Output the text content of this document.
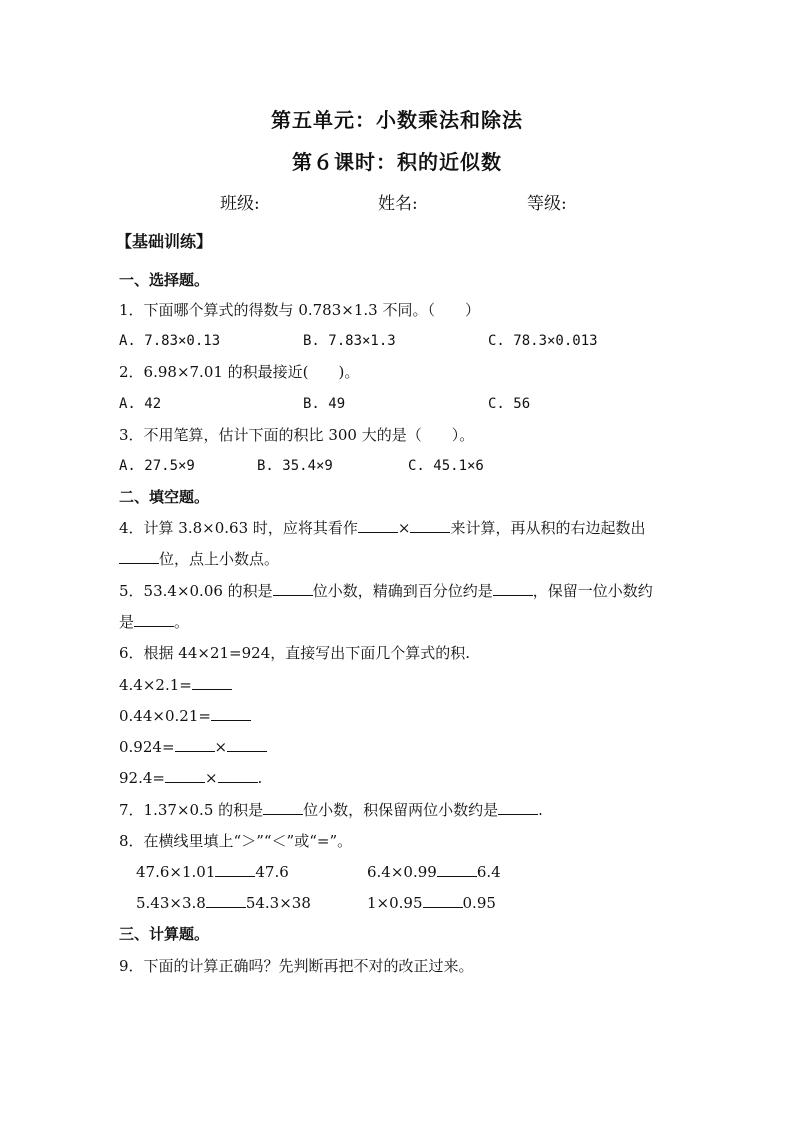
第五单元：小数乘法和除法
第６课时：积的近似数
班级:	姓名:	等级:
【基础训练】
一、选择题。
1．下面哪个算式的得数与 0.783×1.3 不同。（　　）
A. 7.83×0.13	B. 7.83×1.3	C. 78.3×0.013
2．6.98×7.01 的积最接近(　　)。
A. 42	B. 49	C. 56
3．不用笔算，估计下面的积比 300 大的是（　　）。
A. 27.5×9	B. 35.4×9	C. 45.1×6
二、填空题。
4．计算 3.8×0.63 时，应将其看作	×	来计算，再从积的右边起数出
位，点上小数点。
5．53.4×0.06 的积是	位小数，精确到百分位约是	，保留一位小数约
是	。
6．根据 44×21=924，直接写出下面几个算式的积.
4.4×2.1=
0.44×0.21=
0.924=	×
92.4=	×	.
7．1.37×0.5 的积是	位小数，积保留两位小数约是	.
8．在横线里填上“＞”“＜”或“=”。
47.6×1.01	47.6	6.4×0.99	6.4
5.43×3.8	54.3×38	1×0.95	0.95
三、计算题。
9．下面的计算正确吗？先判断再把不对的改正过来。
